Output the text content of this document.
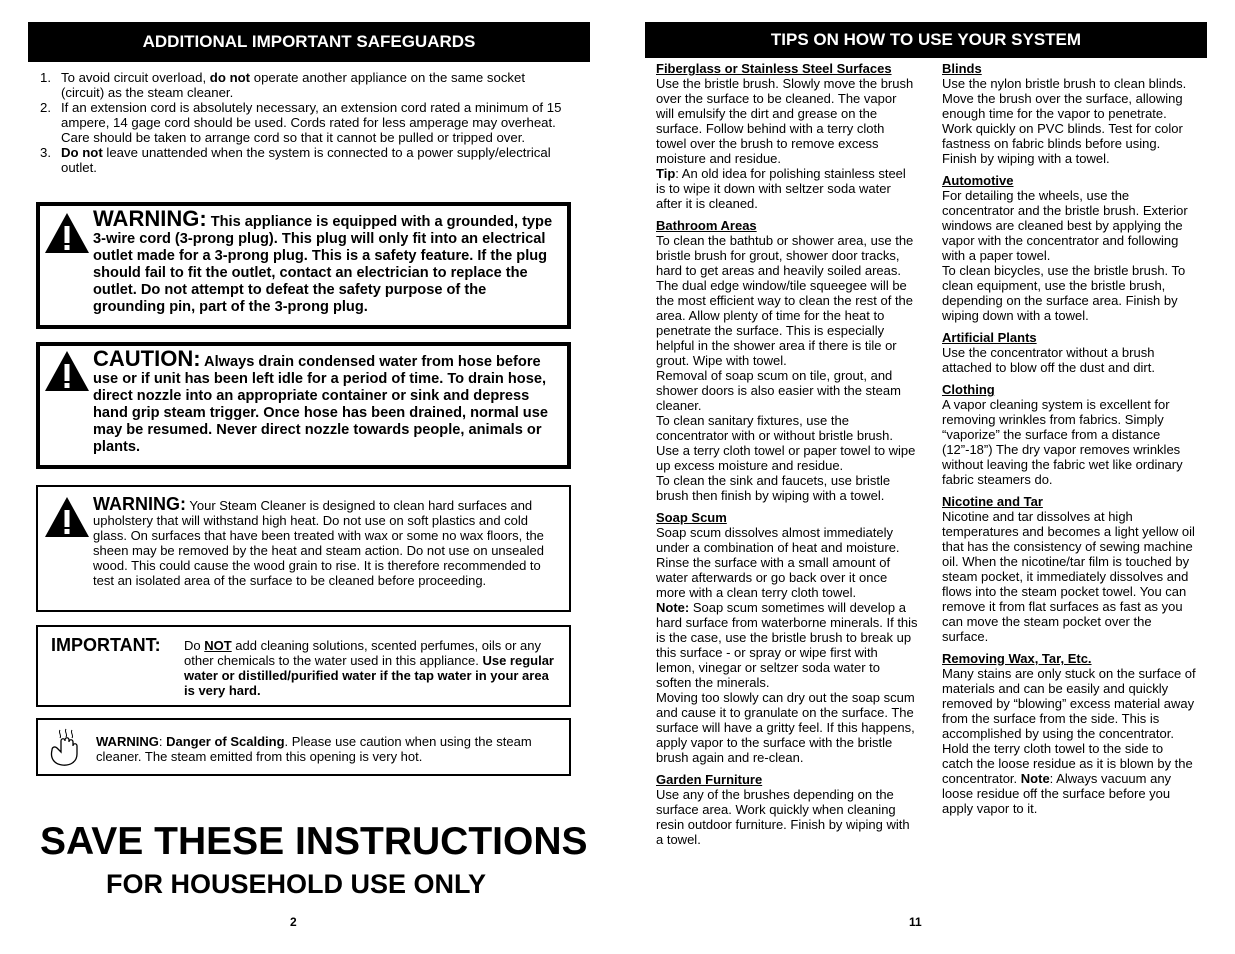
ADDITIONAL IMPORTANT SAFEGUARDS
1. To avoid circuit overload, do not operate another appliance on the same socket (circuit) as the steam cleaner.
2. If an extension cord is absolutely necessary, an extension cord rated a minimum of 15 ampere, 14 gage cord should be used. Cords rated for less amperage may overheat. Care should be taken to arrange cord so that it cannot be pulled or tripped over.
3. Do not leave unattended when the system is connected to a power supply/electrical outlet.
WARNING: This appliance is equipped with a grounded, type 3-wire cord (3-prong plug). This plug will only fit into an electrical outlet made for a 3-prong plug. This is a safety feature. If the plug should fail to fit the outlet, contact an electrician to replace the outlet. Do not attempt to defeat the safety purpose of the grounding pin, part of the 3-prong plug.
CAUTION: Always drain condensed water from hose before use or if unit has been left idle for a period of time. To drain hose, direct nozzle into an appropriate container or sink and depress hand grip steam trigger. Once hose has been drained, normal use may be resumed. Never direct nozzle towards people, animals or plants.
WARNING: Your Steam Cleaner is designed to clean hard surfaces and upholstery that will withstand high heat. Do not use on soft plastics and cold glass. On surfaces that have been treated with wax or some no wax floors, the sheen may be removed by the heat and steam action. Do not use on unsealed wood. This could cause the wood grain to rise. It is therefore recommended to test an isolated area of the surface to be cleaned before proceeding.
IMPORTANT: Do NOT add cleaning solutions, scented perfumes, oils or any other chemicals to the water used in this appliance. Use regular water or distilled/purified water if the tap water in your area is very hard.
WARNING: Danger of Scalding. Please use caution when using the steam cleaner. The steam emitted from this opening is very hot.
SAVE THESE INSTRUCTIONS
FOR HOUSEHOLD USE ONLY
2
TIPS ON HOW TO USE YOUR SYSTEM
Fiberglass or Stainless Steel Surfaces

Use the bristle brush. Slowly move the brush over the surface to be cleaned. The vapor will emulsify the dirt and grease on the surface. Follow behind with a terry cloth towel over the brush to remove excess moisture and residue.
Tip: An old idea for polishing stainless steel is to wipe it down with seltzer soda water after it is cleaned.

Bathroom Areas

To clean the bathtub or shower area, use the bristle brush for grout, shower door tracks, hard to get areas and heavily soiled areas. The dual edge window/tile squeegee will be the most efficient way to clean the rest of the area. Allow plenty of time for the heat to penetrate the surface. This is especially helpful in the shower area if there is tile or grout. Wipe with towel.
Removal of soap scum on tile, grout, and shower doors is also easier with the steam cleaner.
To clean sanitary fixtures, use the concentrator with or without bristle brush. Use a terry cloth towel or paper towel to wipe up excess moisture and residue.
To clean the sink and faucets, use bristle brush then finish by wiping with a towel.

Soap Scum

Soap scum dissolves almost immediately under a combination of heat and moisture. Rinse the surface with a small amount of water afterwards or go back over it once more with a clean terry cloth towel.
Note: Soap scum sometimes will develop a hard surface from waterborne minerals. If this is the case, use the bristle brush to break up this surface - or spray or wipe first with lemon, vinegar or seltzer soda water to soften the minerals.
Moving too slowly can dry out the soap scum and cause it to granulate on the surface. The surface will have a gritty feel. If this happens, apply vapor to the surface with the bristle brush again and re-clean.

Garden Furniture

Use any of the brushes depending on the surface area. Work quickly when cleaning resin outdoor furniture. Finish by wiping with a towel.

Blinds

Use the nylon bristle brush to clean blinds. Move the brush over the surface, allowing enough time for the vapor to penetrate. Work quickly on PVC blinds. Test for color fastness on fabric blinds before using. Finish by wiping with a towel.

Automotive

For detailing the wheels, use the concentrator and the bristle brush. Exterior windows are cleaned best by applying the vapor with the concentrator and following with a paper towel.
To clean bicycles, use the bristle brush. To clean equipment, use the bristle brush, depending on the surface area. Finish by wiping down with a towel.

Artificial Plants

Use the concentrator without a brush attached to blow off the dust and dirt.

Clothing

A vapor cleaning system is excellent for removing wrinkles from fabrics. Simply “vaporize” the surface from a distance (12”-18”) The dry vapor removes wrinkles without leaving the fabric wet like ordinary fabric steamers do.

Nicotine and Tar

Nicotine and tar dissolves at high temperatures and becomes a light yellow oil that has the consistency of sewing machine oil. When the nicotine/tar film is touched by steam pocket, it immediately dissolves and flows into the steam pocket towel. You can remove it from flat surfaces as fast as you can move the steam pocket over the surface.

Removing Wax, Tar, Etc.

Many stains are only stuck on the surface of materials and can be easily and quickly removed by “blowing” excess material away from the surface from the side. This is accomplished by using the concentrator. Hold the terry cloth towel to the side to catch the loose residue as it is blown by the concentrator. Note: Always vacuum any loose residue off the surface before you apply vapor to it.

11
